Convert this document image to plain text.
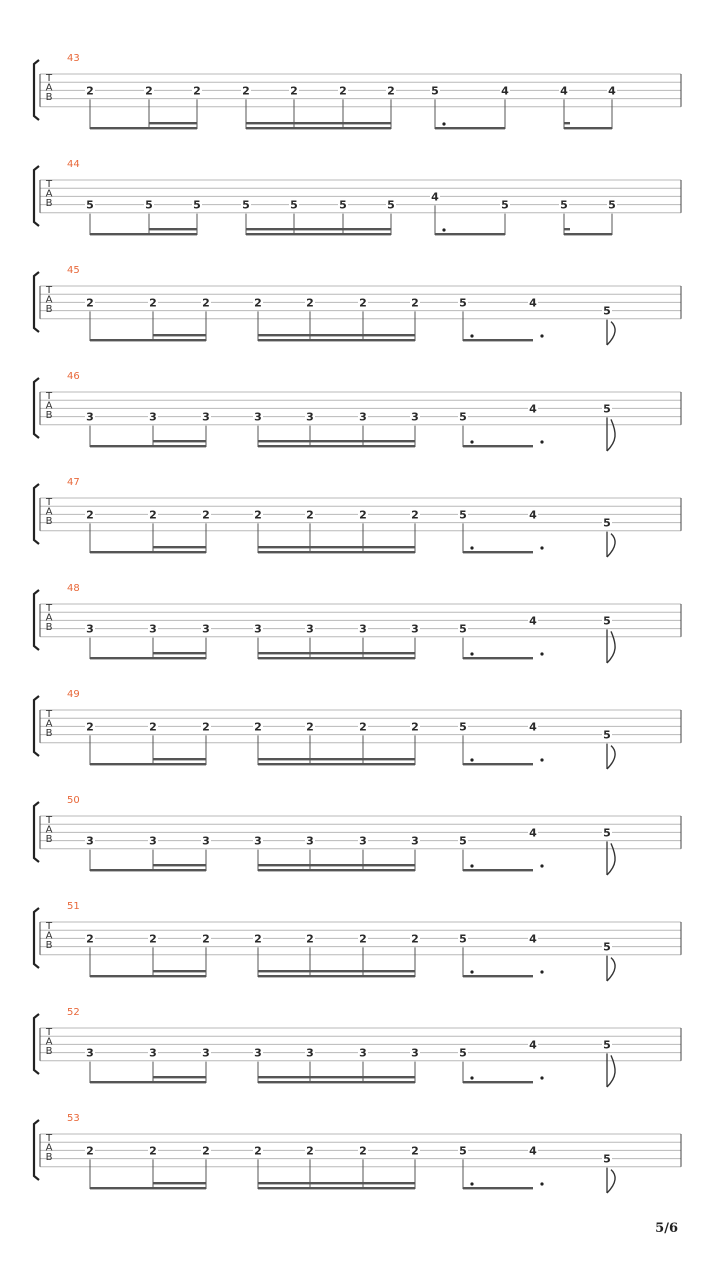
T
A
B
43
2	2	2	2	2	2	2	5	4	4	4
T
A
B
44
5	5	5	5	5	5	5
4
5	5	5
T
A
B
45
2	2	2	2	2	2	2	5	4
5
T
A
B
46
3	3	3	3	3	3	3	5
4	5
T
A
B
47
2	2	2	2	2	2	2	5	4
5
T
A
B
48
3	3	3	3	3	3	3	5
4	5
T
A
B
49
2	2	2	2	2	2	2	5	4
5
T
A
B
50
3	3	3	3	3	3	3	5
4	5
T
A
B
51
2	2	2	2	2	2	2	5	4
5
T
A
B
52
3	3	3	3	3	3	3	5
4	5
T
A
B
53
2	2	2	2	2	2	2	5	4
5
5/6
